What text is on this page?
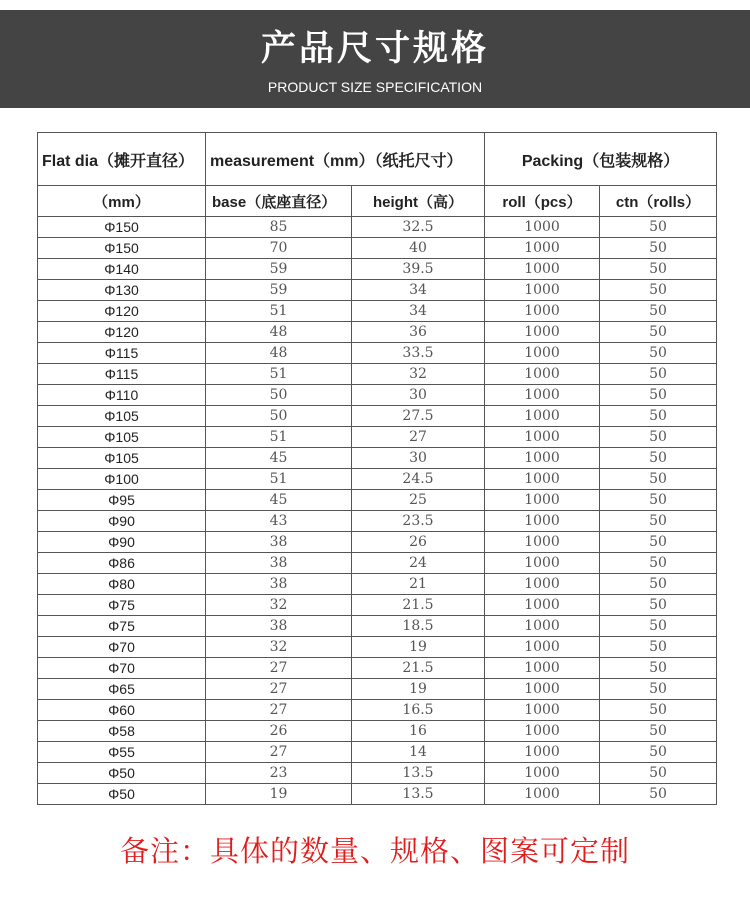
产品尺寸规格
PRODUCT SIZE SPECIFICATION
Flat dia（摊开直径）	measurement（mm）（纸托尺寸）		Packing（包装规格）	
（mm）	base（底座直径）	height（高）	roll（pcs）	ctn（rolls）
Φ150	85	32.5	1000	50
Φ150	70	40	1000	50
Φ140	59	39.5	1000	50
Φ130	59	34	1000	50
Φ120	51	34	1000	50
Φ120	48	36	1000	50
Φ115	48	33.5	1000	50
Φ115	51	32	1000	50
Φ110	50	30	1000	50
Φ105	50	27.5	1000	50
Φ105	51	27	1000	50
Φ105	45	30	1000	50
Φ100	51	24.5	1000	50
Φ95	45	25	1000	50
Φ90	43	23.5	1000	50
Φ90	38	26	1000	50
Φ86	38	24	1000	50
Φ80	38	21	1000	50
Φ75	32	21.5	1000	50
Φ75	38	18.5	1000	50
Φ70	32	19	1000	50
Φ70	27	21.5	1000	50
Φ65	27	19	1000	50
Φ60	27	16.5	1000	50
Φ58	26	16	1000	50
Φ55	27	14	1000	50
Φ50	23	13.5	1000	50
Φ50	19	13.5	1000	50
备注：具体的数量、规格、图案可定制
